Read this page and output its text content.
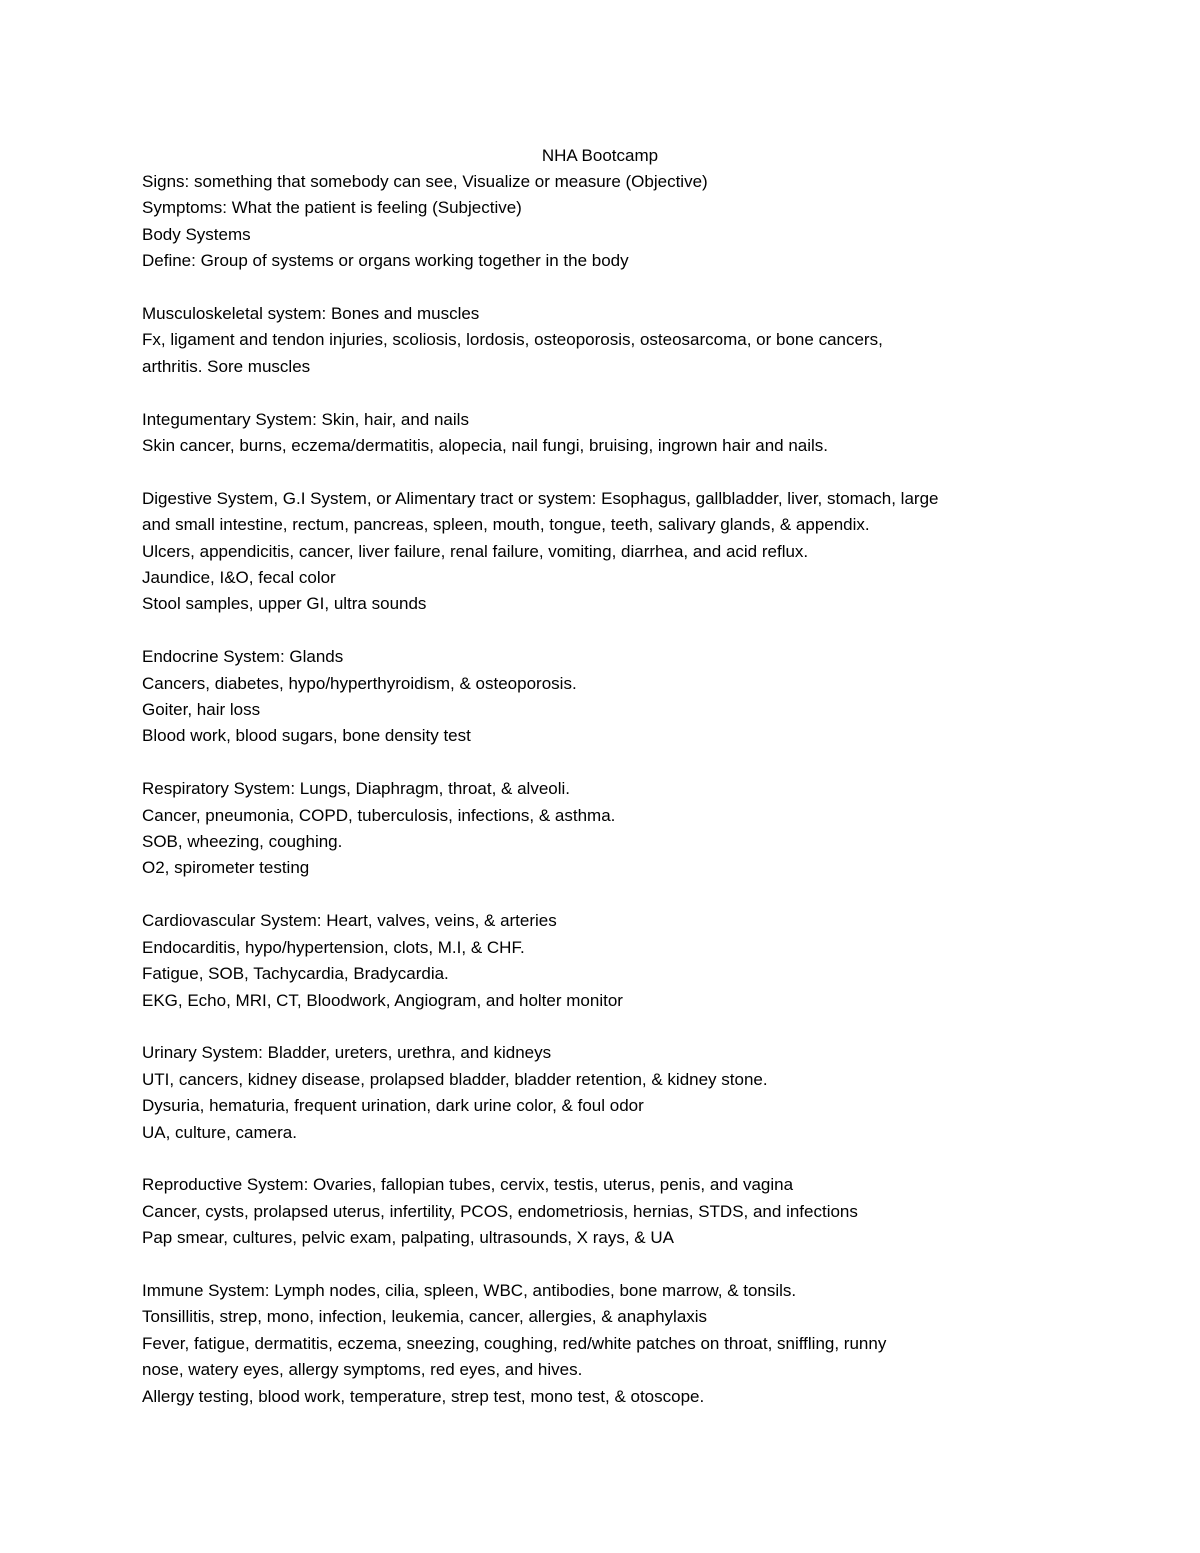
NHA Bootcamp

Signs: something that somebody can see, Visualize or measure (Objective)

Symptoms: What the patient is feeling (Subjective)

Body Systems

Define: Group of systems or organs working together in the body

Musculoskeletal system: Bones and muscles

Fx, ligament and tendon injuries, scoliosis, lordosis, osteoporosis, osteosarcoma, or bone cancers,

arthritis. Sore muscles

Integumentary System: Skin, hair, and nails

Skin cancer, burns, eczema/dermatitis, alopecia, nail fungi, bruising, ingrown hair and nails.

Digestive System, G.I System, or Alimentary tract or system: Esophagus, gallbladder, liver, stomach, large

and small intestine, rectum, pancreas, spleen, mouth, tongue, teeth, salivary glands, & appendix.

Ulcers, appendicitis, cancer, liver failure, renal failure, vomiting, diarrhea, and acid reflux.

Jaundice, I&O, fecal color

Stool samples, upper GI, ultra sounds

Endocrine System: Glands

Cancers, diabetes, hypo/hyperthyroidism, & osteoporosis.

Goiter, hair loss

Blood work, blood sugars, bone density test

Respiratory System: Lungs, Diaphragm, throat, & alveoli.

Cancer, pneumonia, COPD, tuberculosis, infections, & asthma.

SOB, wheezing, coughing.

O2, spirometer testing

Cardiovascular System: Heart, valves, veins, & arteries

Endocarditis, hypo/hypertension, clots, M.I, & CHF.

Fatigue, SOB, Tachycardia, Bradycardia.

EKG, Echo, MRI, CT, Bloodwork, Angiogram, and holter monitor

Urinary System: Bladder, ureters, urethra, and kidneys

UTI, cancers, kidney disease, prolapsed bladder, bladder retention, & kidney stone.

Dysuria, hematuria, frequent urination, dark urine color, & foul odor

UA, culture, camera.

Reproductive System: Ovaries, fallopian tubes, cervix, testis, uterus, penis, and vagina

Cancer, cysts, prolapsed uterus, infertility, PCOS, endometriosis, hernias, STDS, and infections

Pap smear, cultures, pelvic exam, palpating, ultrasounds, X rays, & UA

Immune System: Lymph nodes, cilia, spleen, WBC, antibodies, bone marrow, & tonsils.

Tonsillitis, strep, mono, infection, leukemia, cancer, allergies, & anaphylaxis

Fever, fatigue, dermatitis, eczema, sneezing, coughing, red/white patches on throat, sniffling, runny

nose, watery eyes, allergy symptoms, red eyes, and hives.

Allergy testing, blood work, temperature, strep test, mono test, & otoscope.
